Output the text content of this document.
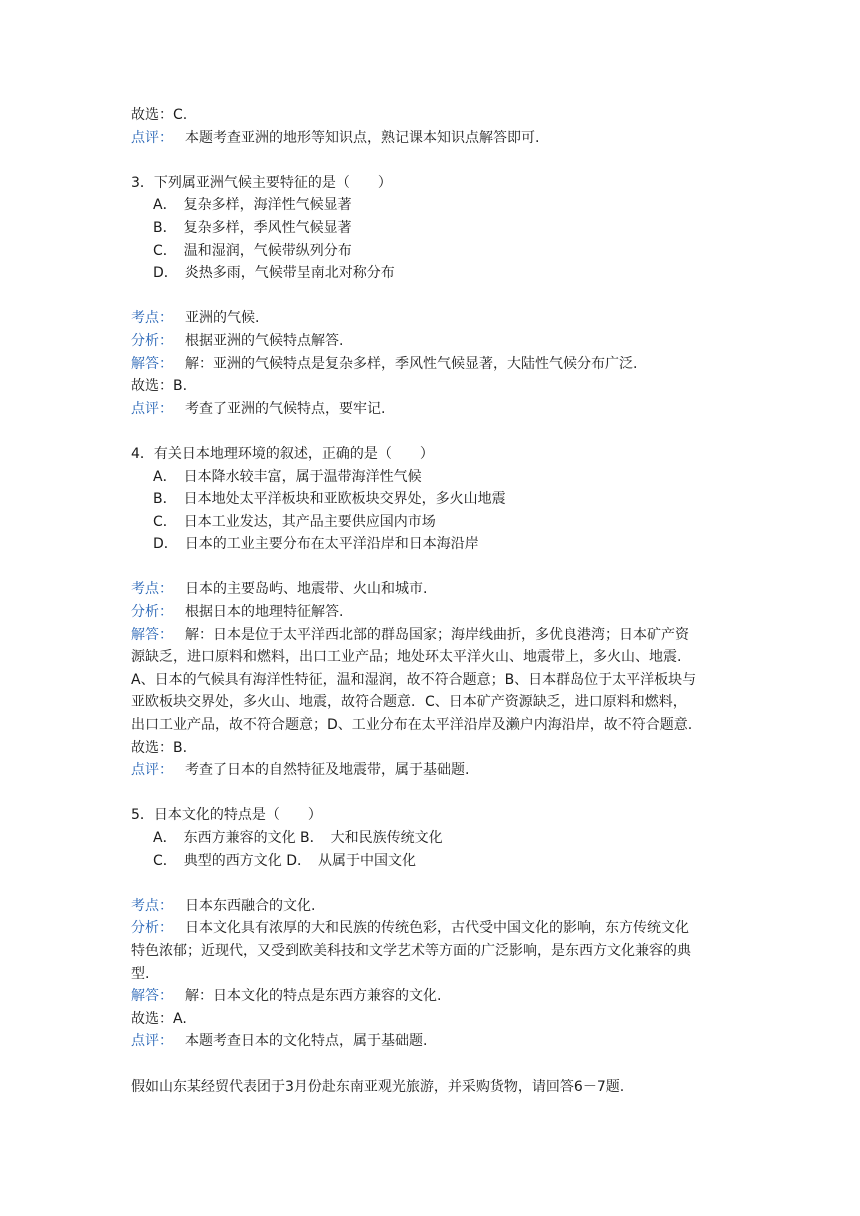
故选：C.
点评： 本题考查亚洲的地形等知识点，熟记课本知识点解答即可.
3．下列属亚洲气候主要特征的是（　　）
A．　复杂多样，海洋性气候显著
B．　复杂多样，季风性气候显著
C．　温和湿润，气候带纵列分布
D．　炎热多雨，气候带呈南北对称分布
考点： 亚洲的气候.
分析： 根据亚洲的气候特点解答.
解答： 解：亚洲的气候特点是复杂多样，季风性气候显著，大陆性气候分布广泛.
故选：B.
点评： 考查了亚洲的气候特点，要牢记.
4．有关日本地理环境的叙述，正确的是（　　）
A．　日本降水较丰富，属于温带海洋性气候
B．　日本地处太平洋板块和亚欧板块交界处，多火山地震
C．　日本工业发达，其产品主要供应国内市场
D．　日本的工业主要分布在太平洋沿岸和日本海沿岸
考点： 日本的主要岛屿、地震带、火山和城市.
分析： 根据日本的地理特征解答.
解答： 解：日本是位于太平洋西北部的群岛国家；海岸线曲折，多优良港湾；日本矿产资
源缺乏，进口原料和燃料，出口工业产品；地处环太平洋火山、地震带上，多火山、地震.
A、日本的气候具有海洋性特征，温和湿润，故不符合题意；B、日本群岛位于太平洋板块与
亚欧板块交界处，多火山、地震，故符合题意．C、日本矿产资源缺乏，进口原料和燃料，
出口工业产品，故不符合题意；D、工业分布在太平洋沿岸及濑户内海沿岸，故不符合题意.
故选：B.
点评： 考查了日本的自然特征及地震带，属于基础题.
5．日本文化的特点是（　　）
A．　东西方兼容的文化 B．　大和民族传统文化
C．　典型的西方文化 D．　从属于中国文化
考点： 日本东西融合的文化.
分析： 日本文化具有浓厚的大和民族的传统色彩，古代受中国文化的影响，东方传统文化
特色浓郁；近现代，又受到欧美科技和文学艺术等方面的广泛影响，是东西方文化兼容的典
型.
解答： 解：日本文化的特点是东西方兼容的文化.
故选：A.
点评： 本题考查日本的文化特点，属于基础题.
假如山东某经贸代表团于3月份赴东南亚观光旅游，并采购货物，请回答6－7题.
